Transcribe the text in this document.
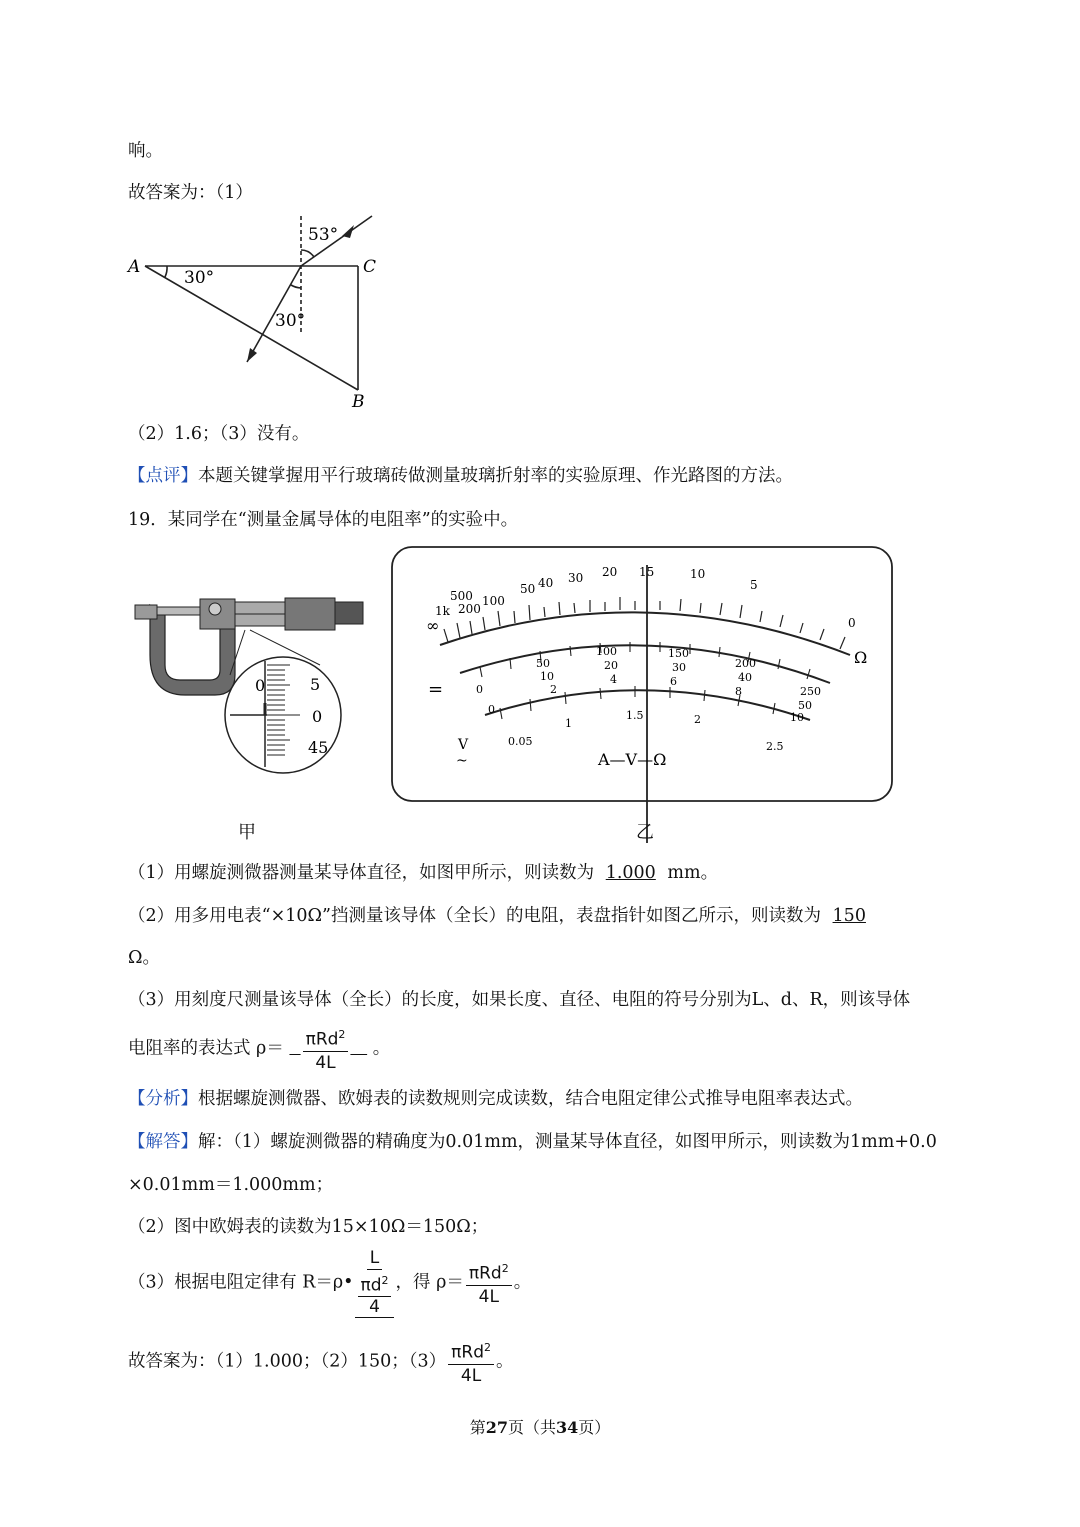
响。
故答案为：（1）
A	C
B
53°
30°
30°
（2）1.6；（3）没有。
【点评】本题关键掌握用平行玻璃砖做测量玻璃折射率的实验原理、作光路图的方法。
19．某同学在“测量金属导体的电阻率”的实验中。
0	5
0
45
甲
∞
1k
500
200
100
50 40 30 20 15	10
5
0
Ω
0
50
100	150
200
250
10
20	30
40
50
2
4	6
8
10
0
0.05
1
1.5	2
2.5
=
V
~	A—V—Ω
乙
（1）用螺旋测微器测量某导体直径，如图甲所示，则读数为 1.000 mm。
（2）用多用电表“×10Ω”挡测量该导体（全长）的电阻，表盘指针如图乙所示，则读数为 150
Ω。
（3）用刻度尺测量该导体（全长）的长度，如果长度、直径、电阻的符号分别为L、d、R，则该导体
电阻率的表达式 $\rho= \frac{\pi Rd^2}{4L}$ 。
【分析】根据螺旋测微器、欧姆表的读数规则完成读数，结合电阻定律公式推导电阻率表达式。
【解答】解：（1）螺旋测微器的精确度为0.01mm，测量某导体直径，如图甲所示，则读数为1mm+0.0
×0.01mm＝1.000mm；
（2）图中欧姆表的读数为15×10Ω＝150Ω；
（3）根据电阻定律有 R＝ρ• $\frac{L}{\frac{\pi d^2}{4}}$ ，得 $\rho= \frac{\pi Rd^2}{4L}$ 。
故答案为：（1）1.000；（2）150；$(3) \frac{\pi Rd^2}{4L}$ 。
第27页（共34页）
